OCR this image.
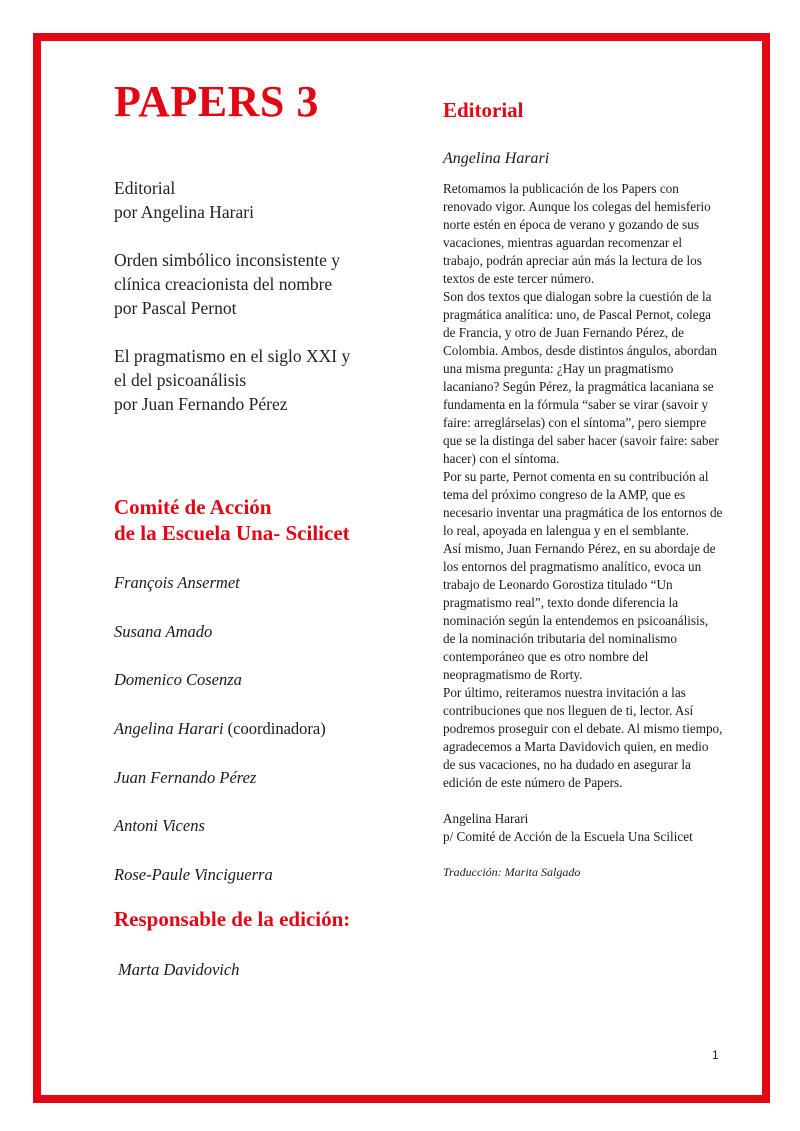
PAPERS 3
Editorial
por Angelina Harari
Orden simbólico inconsistente y
clínica creacionista del nombre
por Pascal Pernot
El pragmatismo en el siglo XXI y
el del psicoanálisis
por Juan Fernando Pérez
Comité de Acción
de la Escuela Una- Scilicet
François Ansermet
Susana Amado
Domenico Cosenza
Angelina Harari (coordinadora)
Juan Fernando Pérez
Antoni Vicens
Rose-Paule Vinciguerra
Responsable de la edición:
Marta Davidovich
Editorial
Angelina Harari

Retomamos la publicación de los Papers con renovado vigor. Aunque los colegas del hemisferio norte estén en época de verano y gozando de sus vacaciones, mientras aguardan recomenzar el trabajo, podrán apreciar aún más la lectura de los textos de este tercer número.

Son dos textos que dialogan sobre la cuestión de la pragmática analítica: uno, de Pascal Pernot, colega de Francia, y otro de Juan Fernando Pérez, de Colombia. Ambos, desde distintos ángulos, abordan una misma pregunta: ¿Hay un pragmatismo lacaniano? Según Pérez, la pragmática lacaniana se fundamenta en la fórmula “saber se virar (savoir y faire: arreglárselas) con el síntoma”, pero siempre que se la distinga del saber hacer (savoir faire: saber hacer) con el síntoma.

Por su parte, Pernot comenta en su contribución al tema del próximo congreso de la AMP, que es necesario inventar una pragmática de los entornos de lo real, apoyada en lalengua y en el semblante.

Así mismo, Juan Fernando Pérez, en su abordaje de los entornos del pragmatismo analítico, evoca un trabajo de Leonardo Gorostiza titulado “Un pragmatismo real”, texto donde diferencia la nominación según la entendemos en psicoanálisis, de la nominación tributaria del nominalismo contemporáneo que es otro nombre del neopragmatismo de Rorty.

Por último, reiteramos nuestra invitación a las contribuciones que nos lleguen de ti, lector. Así podremos proseguir con el debate. Al mismo tiempo, agradecemos a Marta Davidovich quien, en medio de sus vacaciones, no ha dudado en asegurar la edición de este número de Papers.

Angelina Harari
p/ Comité de Acción de la Escuela Una Scilicet
Traducción: Marita Salgado
1
